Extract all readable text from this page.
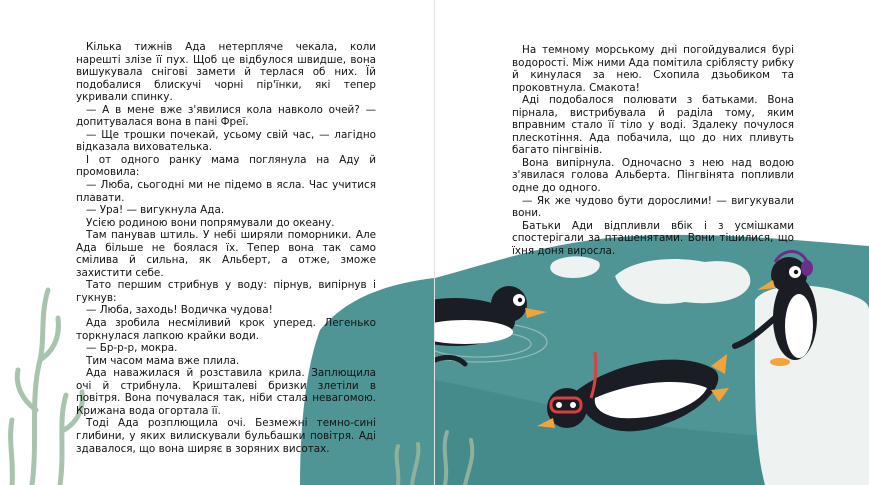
Кілька тижнів Ада нетерпляче чекала, коли нарешті злізе її пух. Щоб це відбулося швидше, вона вишукувала снігові замети й терлася об них. Їй подобалися блискучі чорні пір'їнки, які тепер укривали спинку.

— А в мене вже з'явилися кола навколо очей? — допитувалася вона в пані Фреї.

— Ще трошки почекай, усьому свій час, — лагідно відказала вихователька.

І от одного ранку мама поглянула на Аду й промовила:

— Люба, сьогодні ми не підемо в ясла. Час учитися плавати.

— Ура! — вигукнула Ада.

Усією родиною вони попрямували до океану.

Там панував штиль. У небі ширяли поморники. Але Ада більше не боялася їх. Тепер вона так само сміливa й сильна, як Альберт, а отже, зможе захистити себе.

Тато першим стрибнув у воду: пірнув, випірнув і гукнув:

— Люба, заходь! Водичка чудова!

Ада зробила несміливий крок уперед. Легенько торкнулася лапкою крайки води.

— Бр-р-р, мокра.

Тим часом мама вже плила.

Ада наважилася й розставила крила. Заплющила очі й стрибнула. Кришталеві бризки злетіли в повітря. Вона почувалася так, ніби стала невагомою. Крижана вода огортала її.

Тоді Ада розплющила очі. Безмежні темно-сині глибини, у яких вилискували бульбашки повітря. Аді здавалося, що вона ширяє в зоряних висотах.

На темному морському дні погойдувалися бурі водорості. Між ними Ада помітила сріблясту рибку й кинулася за нею. Схопила дзьобиком та проковтнула. Смакота!

Аді подобалося полювати з батьками. Вона пірнала, вистрибувала й раділа тому, яким вправним стало її тіло у воді. Здалеку почулося плескотіння. Ада побачила, що до них пливуть багато пінгвінів.

Вона випірнула. Одночасно з нею над водою з'явилася голова Альберта. Пінгвінята попливли одне до одного.

— Як же чудово бути дорослими! — вигукували вони.

Батьки Ади відпливли вбік і з усмішками спостерігали за пташенятами. Вони тішилися, що їхня доня виросла.
